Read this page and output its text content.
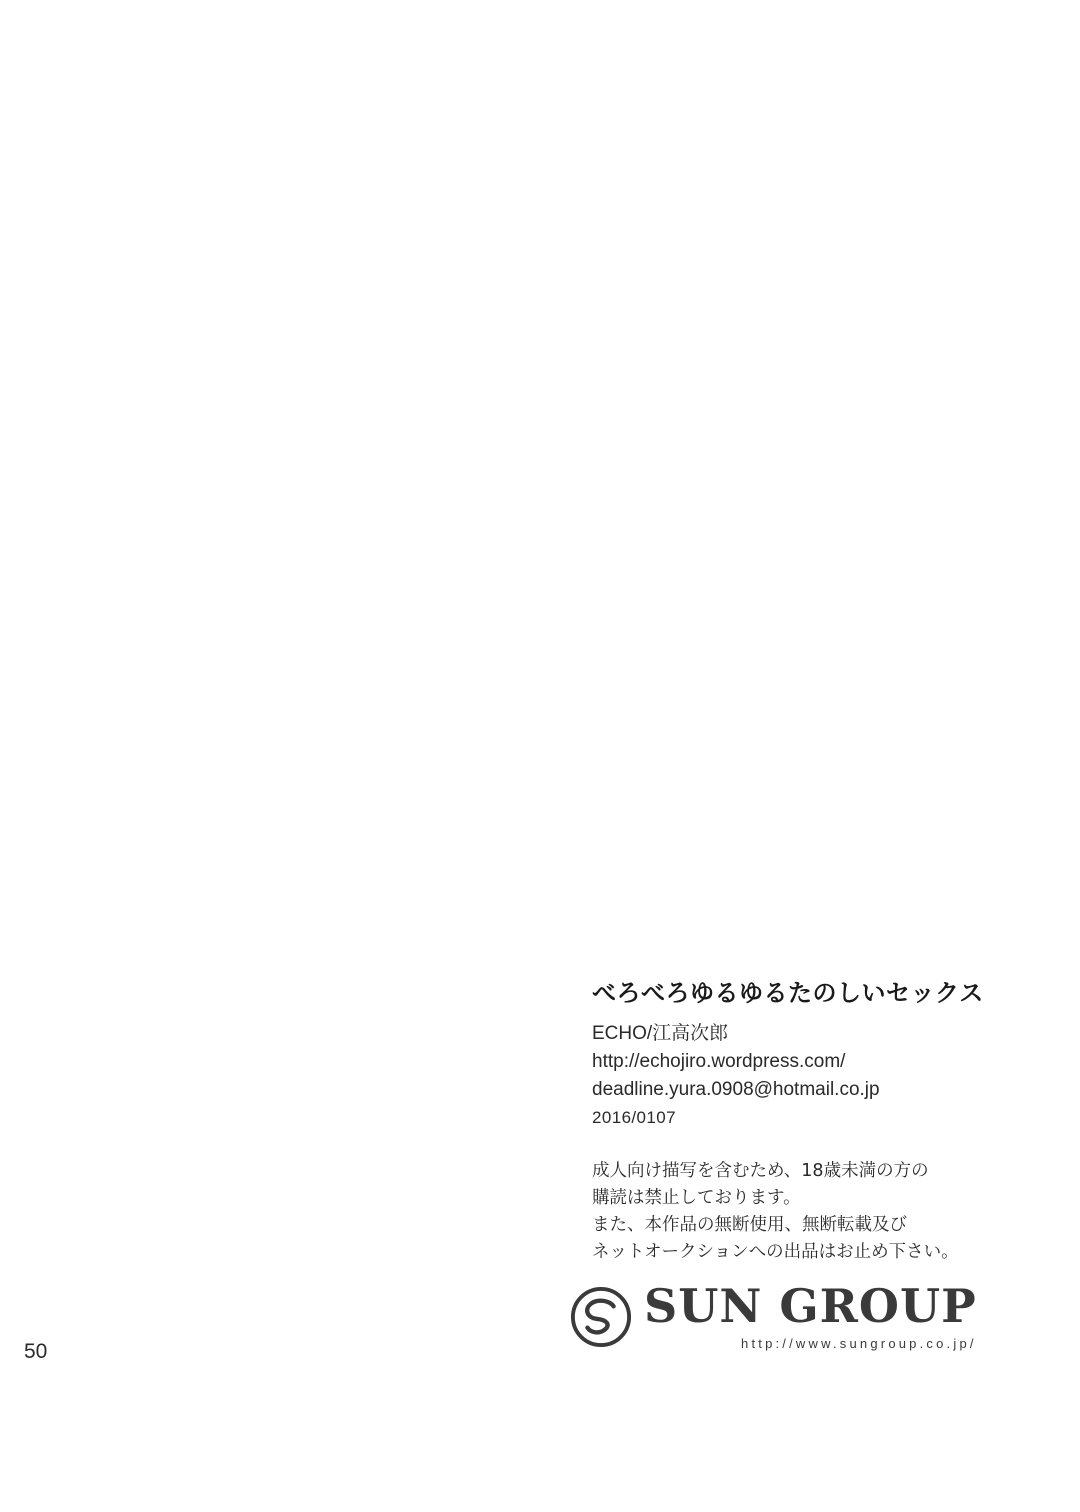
べろべろゆるゆるたのしいセックス
ECHO/江高次郎
http://echojiro.wordpress.com/
deadline.yura.0908@hotmail.co.jp
2016/0107
成人向け描写を含むため、18歳未満の方の
購読は禁止しております。
また、本作品の無断使用、無断転載及び
ネットオークションへの出品はお止め下さい。
SUN GROUP
http://www.sungroup.co.jp/
50
